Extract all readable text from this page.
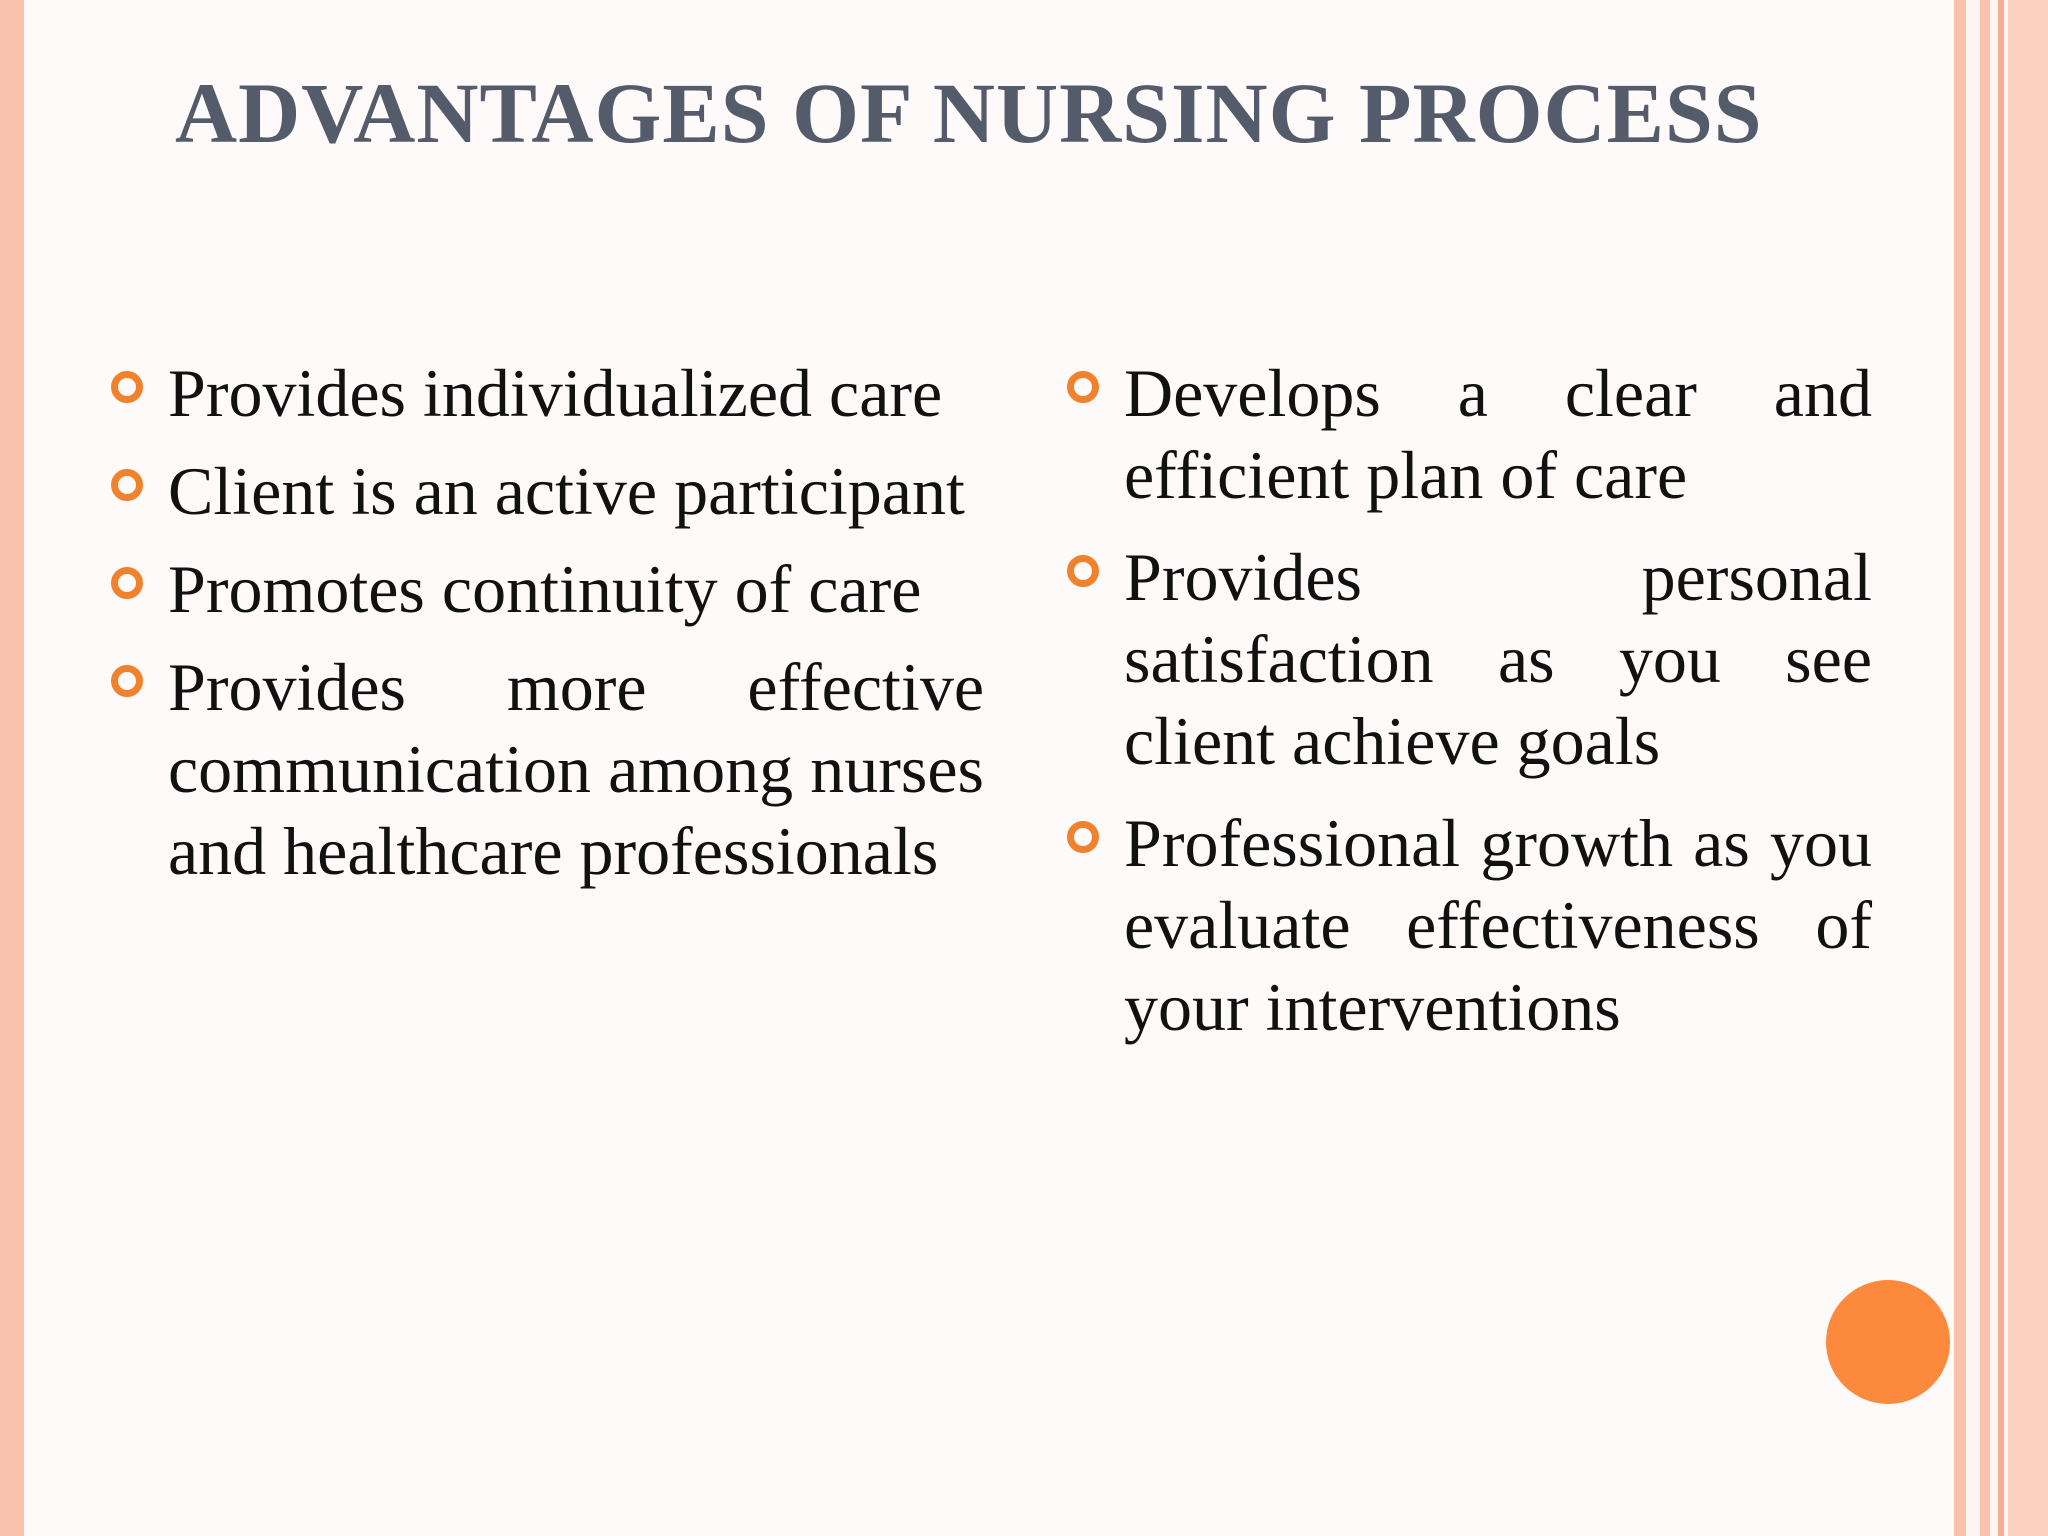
ADVANTAGES OF NURSING PROCESS
Provides individualized care
Client is an active participant
Promotes continuity of care
Provides more effective communication among nurses and healthcare professionals
Develops a clear and efficient plan of care
Provides personal satisfaction as you see client achieve goals
Professional growth as you evaluate effectiveness of your interventions
